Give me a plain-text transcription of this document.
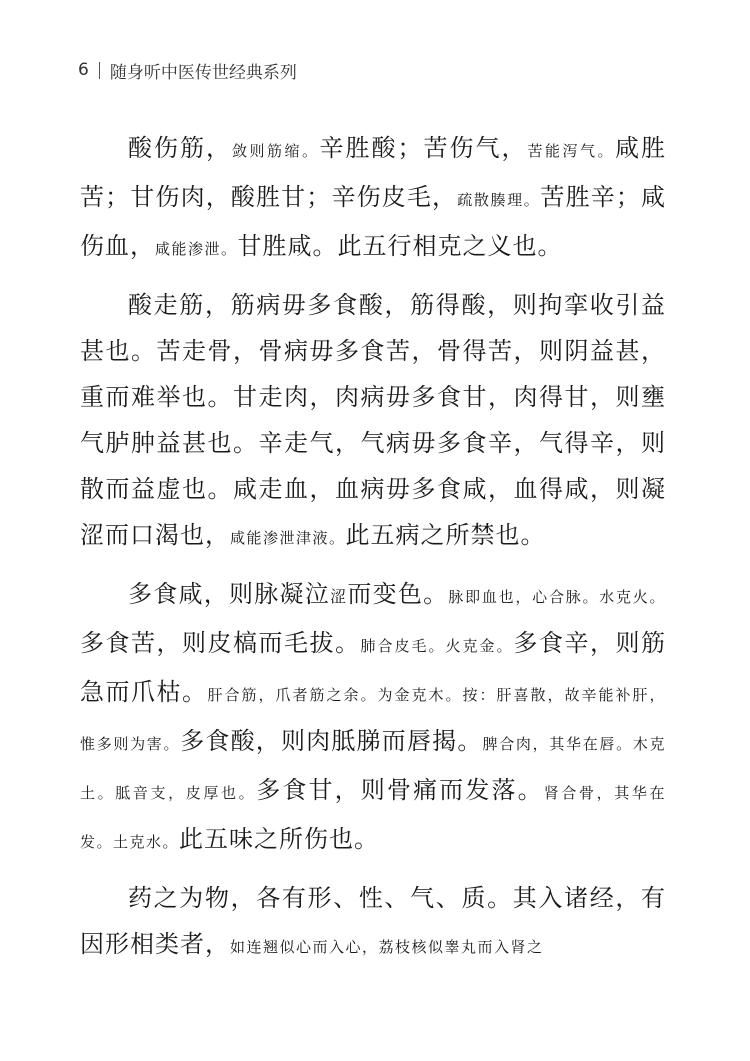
6 随身听中医传世经典系列

酸伤筋，敛则筋缩。辛胜酸；苦伤气，苦能泻气。咸胜苦；甘伤肉，酸胜甘；辛伤皮毛，疏散腠理。苦胜辛；咸伤血，咸能渗泄。甘胜咸。此五行相克之义也。

酸走筋，筋病毋多食酸，筋得酸，则拘挛收引益甚也。苦走骨，骨病毋多食苦，骨得苦，则阴益甚，重而难举也。甘走肉，肉病毋多食甘，肉得甘，则壅气胪肿益甚也。辛走气，气病毋多食辛，气得辛，则散而益虚也。咸走血，血病毋多食咸，血得咸，则凝涩而口渴也，咸能渗泄津液。此五病之所禁也。

多食咸，则脉凝泣涩而变色。脉即血也，心合脉。水克火。多食苦，则皮槁而毛拔。肺合皮毛。火克金。多食辛，则筋急而爪枯。肝合筋，爪者筋之余。为金克木。按：肝喜散，故辛能补肝，惟多则为害。多食酸，则肉胝䏲而唇揭。脾合肉，其华在唇。木克土。胝音支，皮厚也。多食甘，则骨痛而发落。肾合骨，其华在发。土克水。此五味之所伤也。

药之为物，各有形、性、气、质。其入诸经，有因形相类者，如连翘似心而入心，荔枝核似睾丸而入肾之
